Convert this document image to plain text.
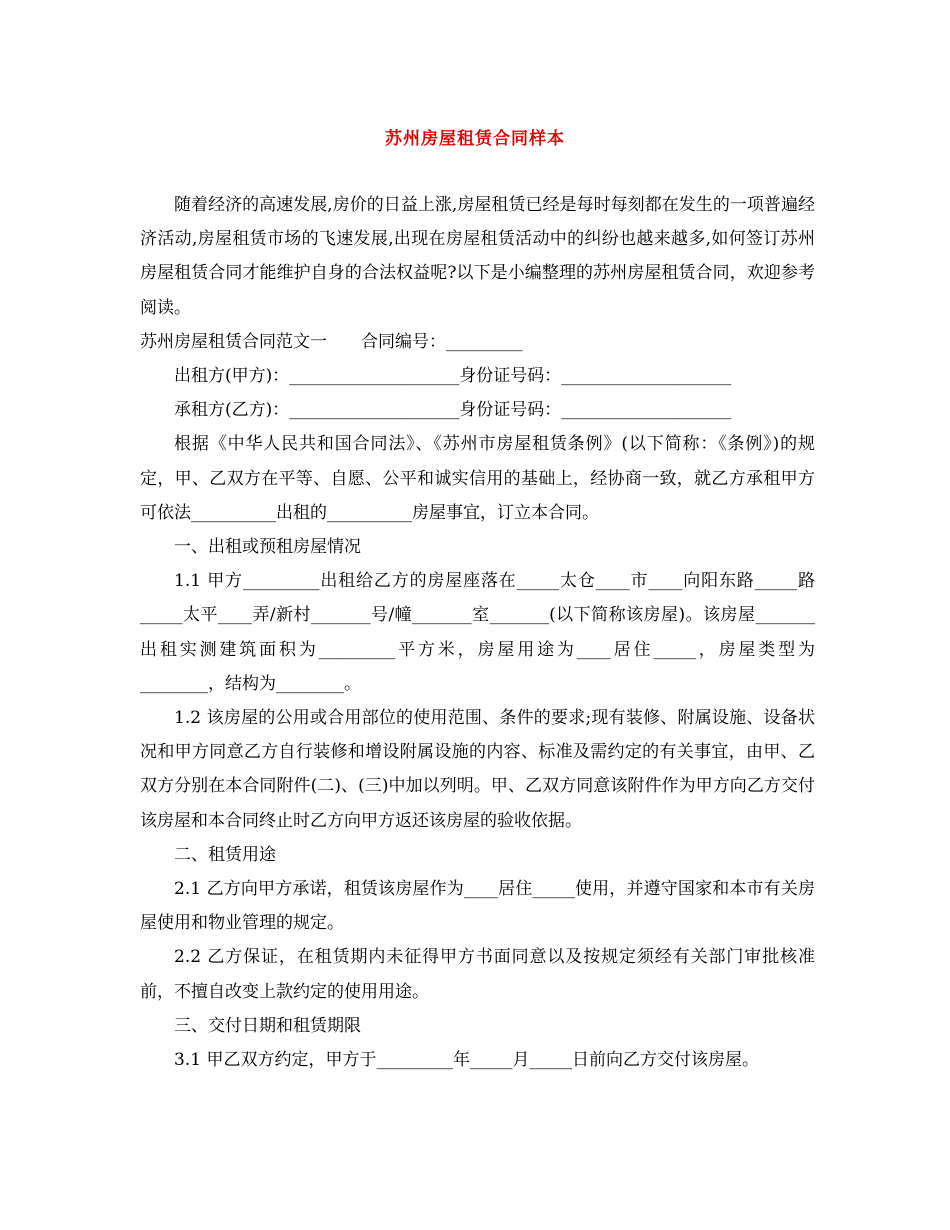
苏州房屋租赁合同样本

随着经济的高速发展,房价的日益上涨,房屋租赁已经是每时每刻都在发生的一项普遍经济活动,房屋租赁市场的飞速发展,出现在房屋租赁活动中的纠纷也越来越多,如何签订苏州房屋租赁合同才能维护自身的合法权益呢?以下是小编整理的苏州房屋租赁合同，欢迎参考阅读。

苏州房屋租赁合同范文一　　合同编号：_________

出租方(甲方)：____________________身份证号码：____________________

承租方(乙方)：____________________身份证号码：____________________

根据《中华人民共和国合同法》、《苏州市房屋租赁条例》(以下简称：《条例》)的规定，甲、乙双方在平等、自愿、公平和诚实信用的基础上，经协商一致，就乙方承租甲方可依法__________出租的__________房屋事宜，订立本合同。

一、出租或预租房屋情况

1.1 甲方_________出租给乙方的房屋座落在_____太仓____市____向阳东路_____路_____太平____弄/新村_______号/幢_______室_______(以下简称该房屋)。该房屋_______出租实测建筑面积为_________平方米，房屋用途为____居住_____，房屋类型为________，结构为________。

1.2 该房屋的公用或合用部位的使用范围、条件的要求;现有装修、附属设施、设备状况和甲方同意乙方自行装修和增设附属设施的内容、标准及需约定的有关事宜，由甲、乙双方分别在本合同附件(二)、(三)中加以列明。甲、乙双方同意该附件作为甲方向乙方交付该房屋和本合同终止时乙方向甲方返还该房屋的验收依据。

二、租赁用途

2.1 乙方向甲方承诺，租赁该房屋作为____居住_____使用，并遵守国家和本市有关房屋使用和物业管理的规定。

2.2 乙方保证，在租赁期内未征得甲方书面同意以及按规定须经有关部门审批核准前，不擅自改变上款约定的使用用途。

三、交付日期和租赁期限

3.1 甲乙双方约定，甲方于_________年_____月_____日前向乙方交付该房屋。
